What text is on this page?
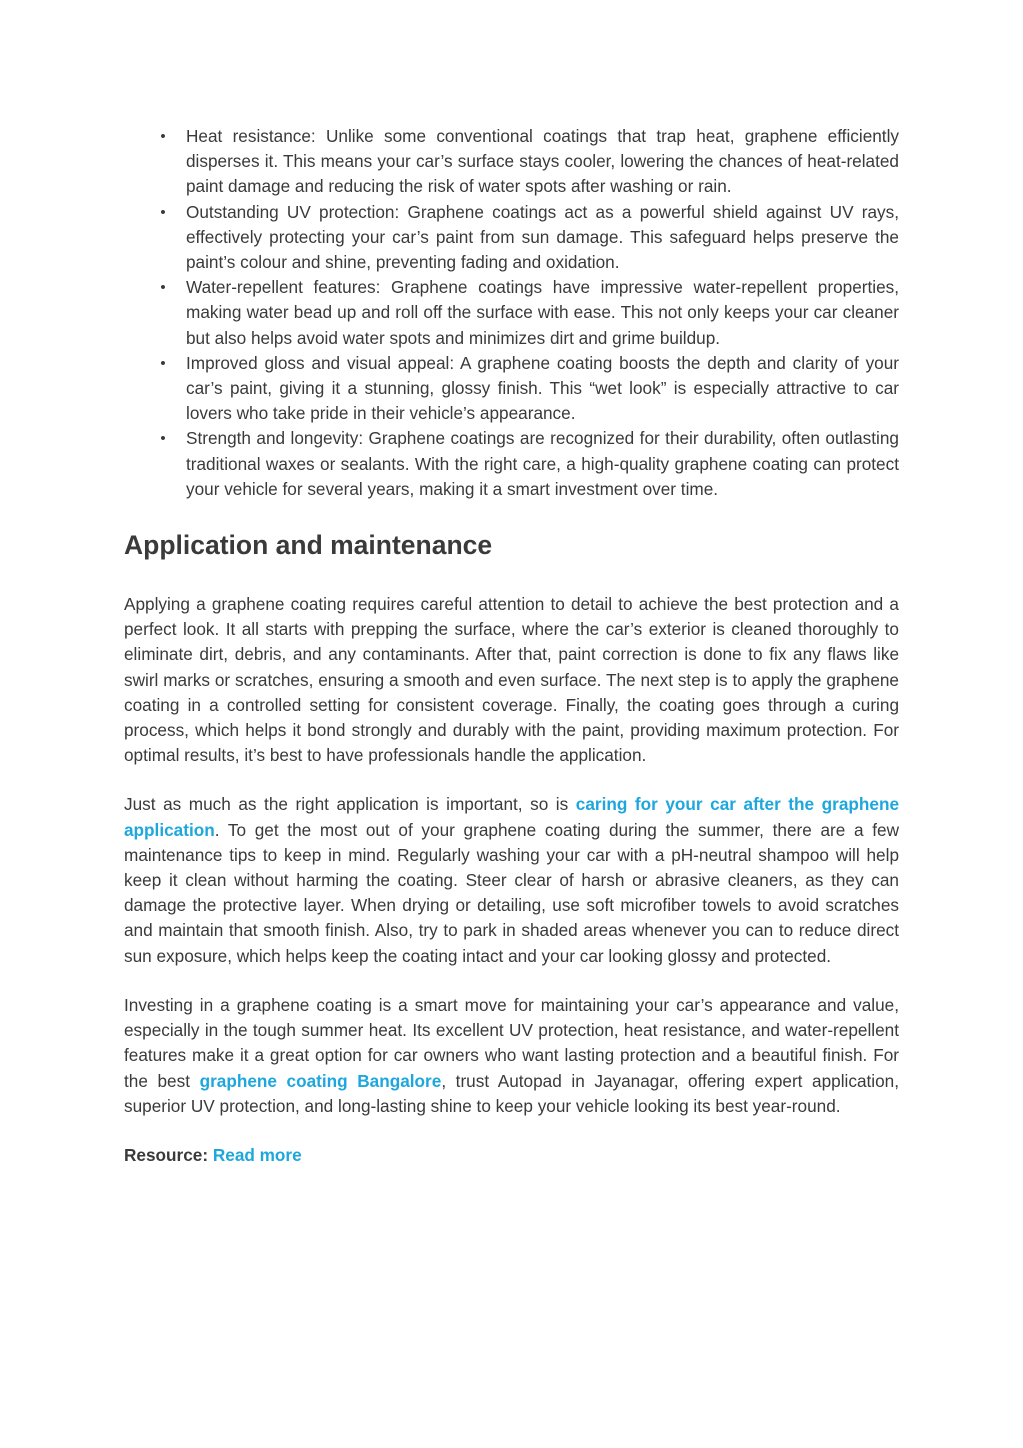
• Heat resistance: Unlike some conventional coatings that trap heat, graphene efficiently disperses it. This means your car’s surface stays cooler, lowering the chances of heat-related paint damage and reducing the risk of water spots after washing or rain.
• Outstanding UV protection: Graphene coatings act as a powerful shield against UV rays, effectively protecting your car’s paint from sun damage. This safeguard helps preserve the paint’s colour and shine, preventing fading and oxidation.
• Water-repellent features: Graphene coatings have impressive water-repellent properties, making water bead up and roll off the surface with ease. This not only keeps your car cleaner but also helps avoid water spots and minimizes dirt and grime buildup.
• Improved gloss and visual appeal: A graphene coating boosts the depth and clarity of your car’s paint, giving it a stunning, glossy finish. This “wet look” is especially attractive to car lovers who take pride in their vehicle’s appearance.
• Strength and longevity: Graphene coatings are recognized for their durability, often outlasting traditional waxes or sealants. With the right care, a high-quality graphene coating can protect your vehicle for several years, making it a smart investment over time.
Application and maintenance

Applying a graphene coating requires careful attention to detail to achieve the best protection and a perfect look. It all starts with prepping the surface, where the car’s exterior is cleaned thoroughly to eliminate dirt, debris, and any contaminants. After that, paint correction is done to fix any flaws like swirl marks or scratches, ensuring a smooth and even surface. The next step is to apply the graphene coating in a controlled setting for consistent coverage. Finally, the coating goes through a curing process, which helps it bond strongly and durably with the paint, providing maximum protection. For optimal results, it’s best to have professionals handle the application.

Just as much as the right application is important, so is caring for your car after the graphene application. To get the most out of your graphene coating during the summer, there are a few maintenance tips to keep in mind. Regularly washing your car with a pH-neutral shampoo will help keep it clean without harming the coating. Steer clear of harsh or abrasive cleaners, as they can damage the protective layer. When drying or detailing, use soft microfiber towels to avoid scratches and maintain that smooth finish. Also, try to park in shaded areas whenever you can to reduce direct sun exposure, which helps keep the coating intact and your car looking glossy and protected.

Investing in a graphene coating is a smart move for maintaining your car’s appearance and value, especially in the tough summer heat. Its excellent UV protection, heat resistance, and water-repellent features make it a great option for car owners who want lasting protection and a beautiful finish. For the best graphene coating Bangalore, trust Autopad in Jayanagar, offering expert application, superior UV protection, and long-lasting shine to keep your vehicle looking its best year-round.

Resource: Read more
